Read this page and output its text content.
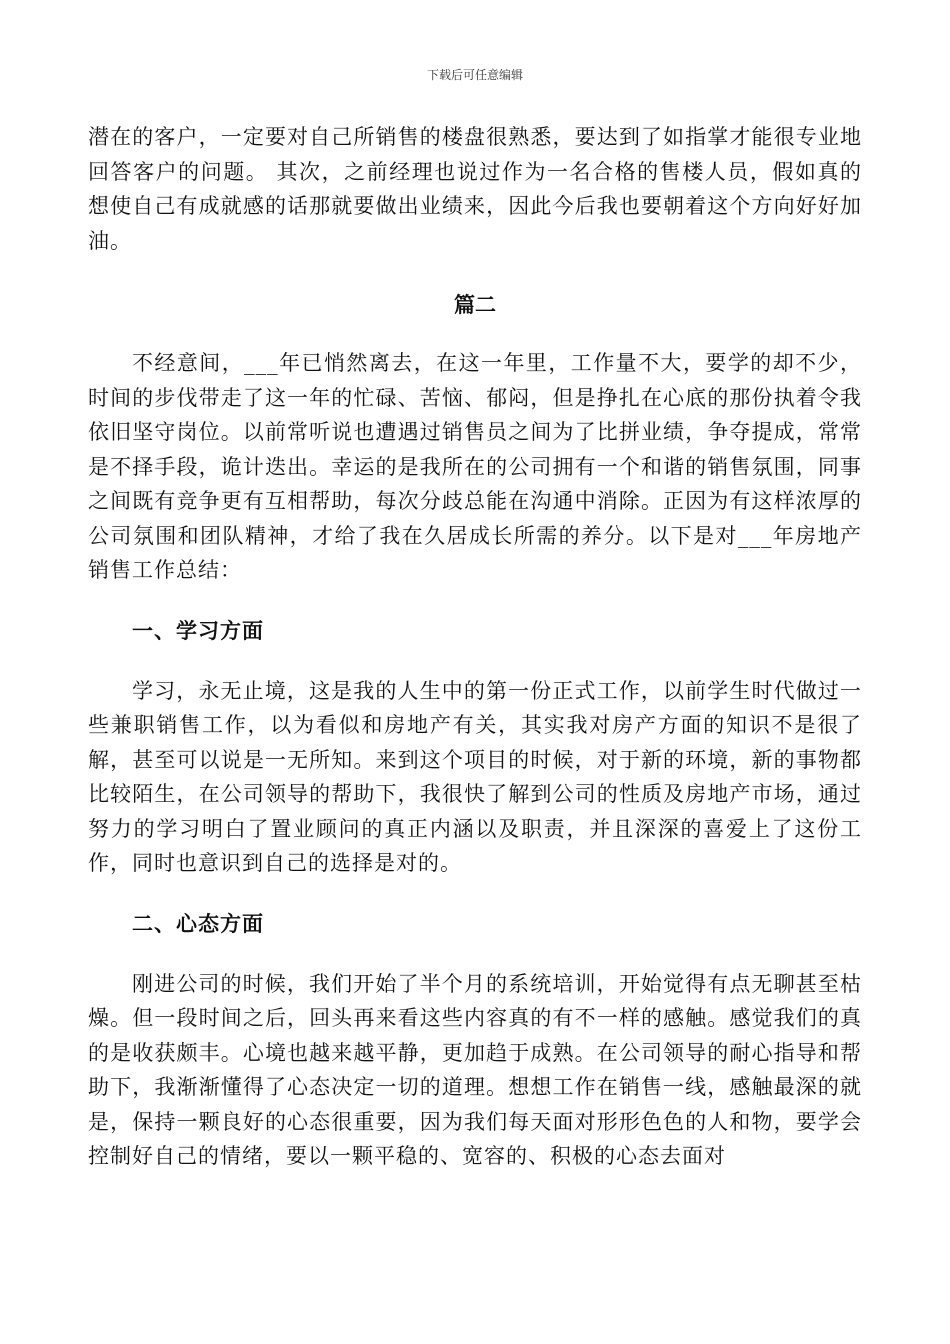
下载后可任意编辑

潜在的客户，一定要对自己所销售的楼盘很熟悉，要达到了如指掌才能很专业地回答客户的问题。 其次，之前经理也说过作为一名合格的售楼人员，假如真的想使自己有成就感的话那就要做出业绩来，因此今后我也要朝着这个方向好好加油。

篇二

不经意间，___年已悄然离去，在这一年里，工作量不大，要学的却不少，时间的步伐带走了这一年的忙碌、苦恼、郁闷，但是挣扎在心底的那份执着令我依旧坚守岗位。以前常听说也遭遇过销售员之间为了比拼业绩，争夺提成，常常是不择手段，诡计迭出。幸运的是我所在的公司拥有一个和谐的销售氛围，同事之间既有竞争更有互相帮助，每次分歧总能在沟通中消除。正因为有这样浓厚的公司氛围和团队精神，才给了我在久居成长所需的养分。以下是对___年房地产销售工作总结：

一、学习方面

学习，永无止境，这是我的人生中的第一份正式工作，以前学生时代做过一些兼职销售工作，以为看似和房地产有关，其实我对房产方面的知识不是很了解，甚至可以说是一无所知。来到这个项目的时候，对于新的环境，新的事物都比较陌生，在公司领导的帮助下，我很快了解到公司的性质及房地产市场，通过努力的学习明白了置业顾问的真正内涵以及职责，并且深深的喜爱上了这份工作，同时也意识到自己的选择是对的。

二、心态方面

刚进公司的时候，我们开始了半个月的系统培训，开始觉得有点无聊甚至枯燥。但一段时间之后，回头再来看这些内容真的有不一样的感触。感觉我们的真的是收获颇丰。心境也越来越平静，更加趋于成熟。在公司领导的耐心指导和帮助下，我渐渐懂得了心态决定一切的道理。想想工作在销售一线，感触最深的就是，保持一颗良好的心态很重要，因为我们每天面对形形色色的人和物，要学会控制好自己的情绪，要以一颗平稳的、宽容的、积极的心态去面对
